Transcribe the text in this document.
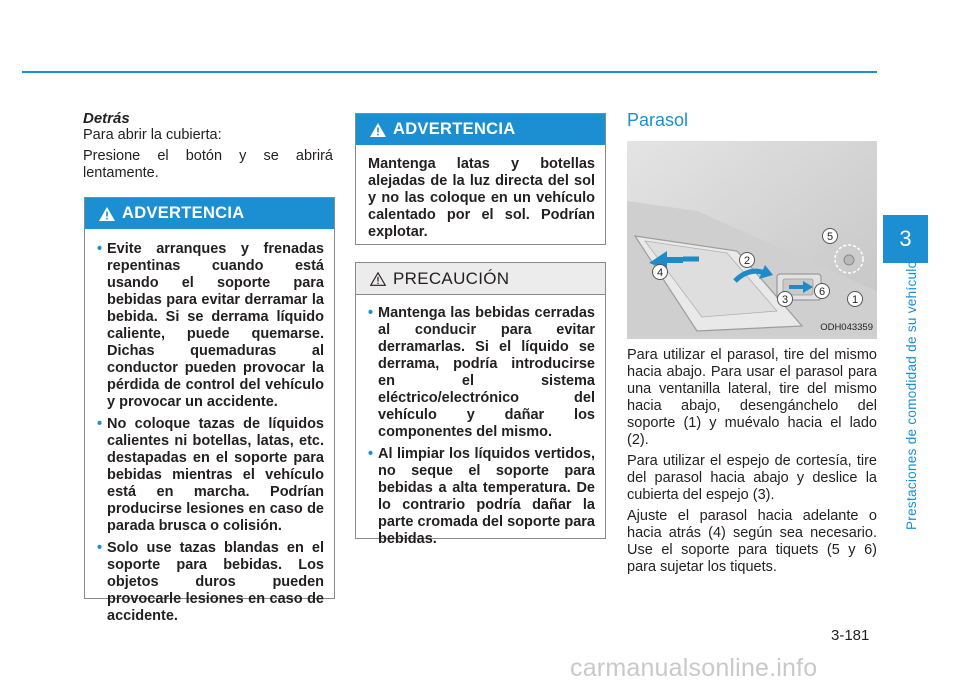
3
Prestaciones de comodidad de su vehículo

Detrás

Para abrir la cubierta:

Presione el botón y se abrirá lentamente.

ADVERTENCIA
• Evite arranques y frenadas repentinas cuando está usando el soporte para bebidas para evitar derramar la bebida. Si se derrama líquido caliente, puede quemarse. Dichas quemaduras al conductor pueden provocar la pérdida de control del vehículo y provocar un accidente.
• No coloque tazas de líquidos calientes ni botellas, latas, etc. destapadas en el soporte para bebidas mientras el vehículo está en marcha. Podrían producirse lesiones en caso de parada brusca o colisión.
• Solo use tazas blandas en el soporte para bebidas. Los objetos duros pueden provocarle lesiones en caso de accidente.
ADVERTENCIA

Mantenga latas y botellas alejadas de la luz directa del sol y no las coloque en un vehículo calentado por el sol. Podrían explotar.

PRECAUCIÓN
• Mantenga las bebidas cerradas al conducir para evitar derramarlas. Si el líquido se derrama, podría introducirse en el sistema eléctrico/electrónico del vehículo y dañar los componentes del mismo.
• Al limpiar los líquidos vertidos, no seque el soporte para bebidas a alta temperatura. De lo contrario podría dañar la parte cromada del soporte para bebidas.
Parasol
1
2
3
4
5
6
ODH043359

Para utilizar el parasol, tire del mismo hacia abajo. Para usar el parasol para una ventanilla lateral, tire del mismo hacia abajo, desengánchelo del soporte (1) y muévalo hacia el lado (2).

Para utilizar el espejo de cortesía, tire del parasol hacia abajo y deslice la cubierta del espejo (3).

Ajuste el parasol hacia adelante o hacia atrás (4) según sea necesario. Use el soporte para tiquets (5 y 6) para sujetar los tiquets.

3-181
carmanualsonline.info
